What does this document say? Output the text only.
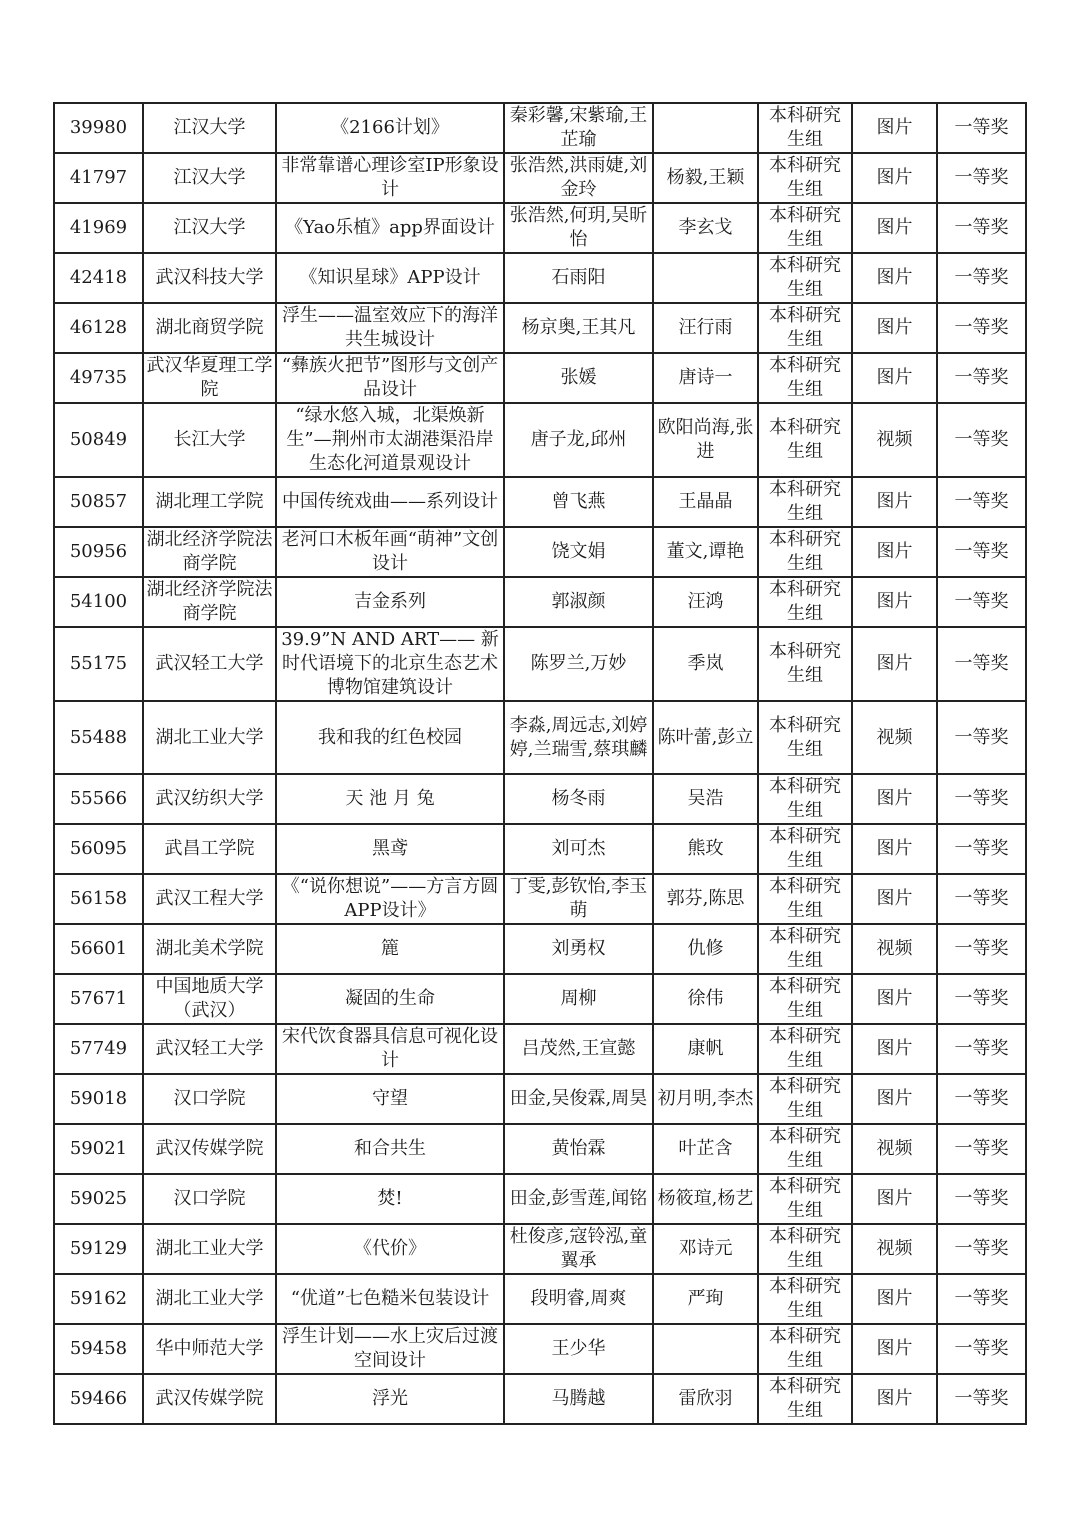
39980	江汉大学	《2166计划》	秦彩馨,宋紫瑜,王芷瑜		本科研究生组	图片	一等奖
41797	江汉大学	非常靠谱心理诊室IP形象设计	张浩然,洪雨婕,刘金玲	杨毅,王颖	本科研究生组	图片	一等奖
41969	江汉大学	《Yao乐植》app界面设计	张浩然,何玥,吴昕怡	李玄戈	本科研究生组	图片	一等奖
42418	武汉科技大学	《知识星球》APP设计	石雨阳		本科研究生组	图片	一等奖
46128	湖北商贸学院	浮生——温室效应下的海洋共生城设计	杨京奥,王其凡	汪行雨	本科研究生组	图片	一等奖
49735	武汉华夏理工学院	“彝族火把节”图形与文创产品设计	张媛	唐诗一	本科研究生组	图片	一等奖
50849	长江大学	“绿水悠入城，北渠焕新生”—荆州市太湖港渠沿岸生态化河道景观设计	唐子龙,邱州	欧阳尚海,张进	本科研究生组	视频	一等奖
50857	湖北理工学院	中国传统戏曲——系列设计	曾飞燕	王晶晶	本科研究生组	图片	一等奖
50956	湖北经济学院法商学院	老河口木板年画“萌神”文创设计	饶文娟	董文,谭艳	本科研究生组	图片	一等奖
54100	湖北经济学院法商学院	吉金系列	郭淑颜	汪鸿	本科研究生组	图片	一等奖
55175	武汉轻工大学	39.9”N AND ART—— 新时代语境下的北京生态艺术博物馆建筑设计	陈罗兰,万妙	季岚	本科研究生组	图片	一等奖
55488	湖北工业大学	我和我的红色校园	李淼,周远志,刘婷婷,兰瑞雪,蔡琪麟	陈叶蕾,彭立	本科研究生组	视频	一等奖
55566	武汉纺织大学	天 池 月 兔	杨冬雨	吴浩	本科研究生组	图片	一等奖
56095	武昌工学院	黑鸢	刘可杰	熊玫	本科研究生组	图片	一等奖
56158	武汉工程大学	《“说你想说”——方言方圆APP设计》	丁雯,彭钦怡,李玉萌	郭芬,陈思	本科研究生组	图片	一等奖
56601	湖北美术学院	簏	刘勇权	仇修	本科研究生组	视频	一等奖
57671	中国地质大学（武汉）	凝固的生命	周柳	徐伟	本科研究生组	图片	一等奖
57749	武汉轻工大学	宋代饮食器具信息可视化设计	吕茂然,王宣懿	康帆	本科研究生组	图片	一等奖
59018	汉口学院	守望	田金,吴俊霖,周昊	初月明,李杰	本科研究生组	图片	一等奖
59021	武汉传媒学院	和合共生	黄怡霖	叶芷含	本科研究生组	视频	一等奖
59025	汉口学院	焚!	田金,彭雪莲,闻铭	杨筱瑄,杨艺	本科研究生组	图片	一等奖
59129	湖北工业大学	《代价》	杜俊彦,寇铃泓,童翼承	邓诗元	本科研究生组	视频	一等奖
59162	湖北工业大学	“优道”七色糙米包装设计	段明睿,周爽	严珣	本科研究生组	图片	一等奖
59458	华中师范大学	浮生计划——水上灾后过渡空间设计	王少华		本科研究生组	图片	一等奖
59466	武汉传媒学院	浮光	马腾越	雷欣羽	本科研究生组	图片	一等奖
